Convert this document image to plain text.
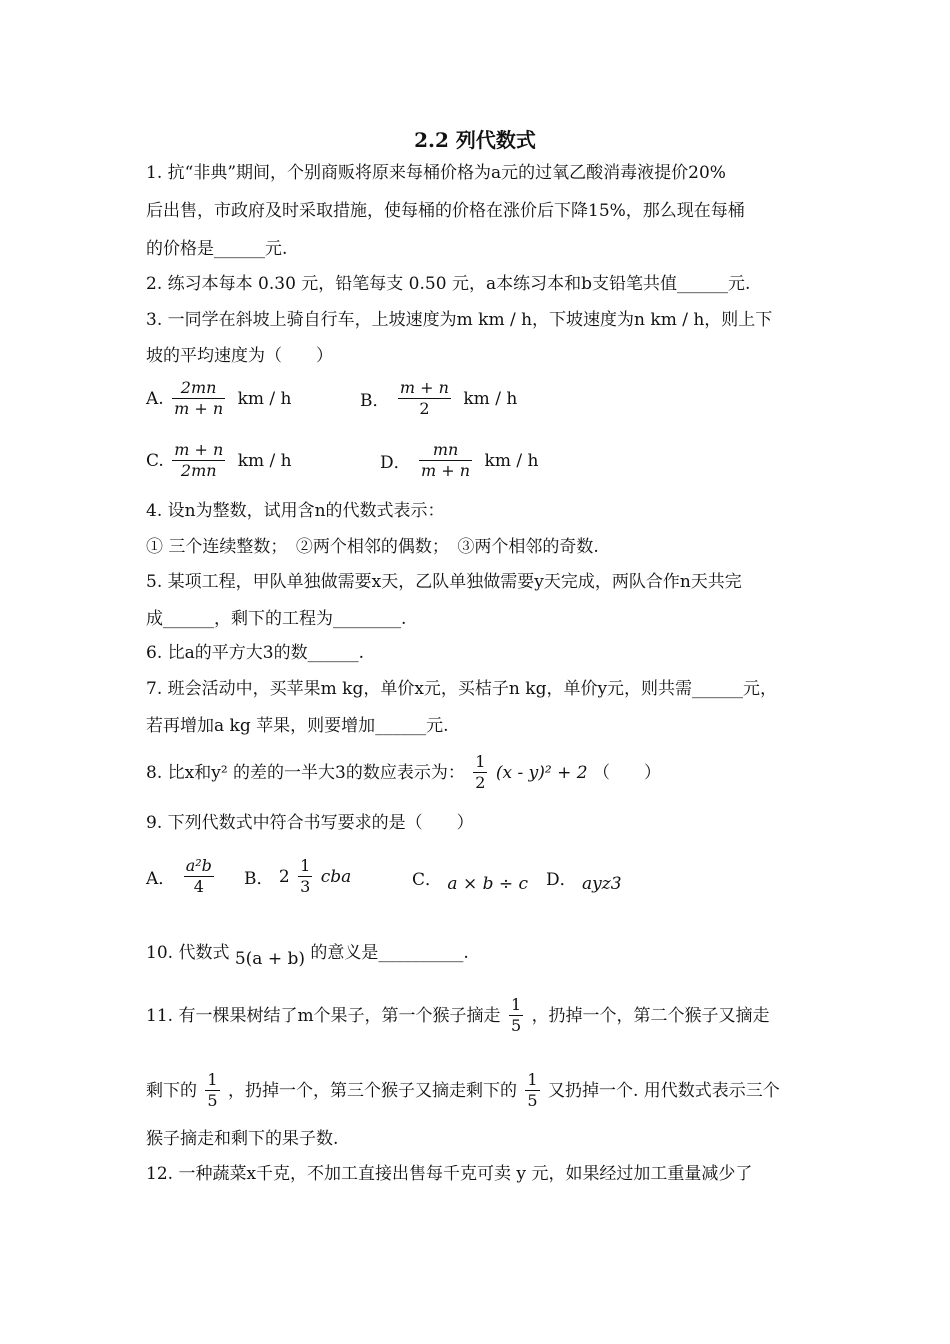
2.2 列代数式
1. 抗“非典”期间，个别商贩将原来每桶价格为a元的过氧乙酸消毒液提价20%
后出售，市政府及时采取措施，使每桶的价格在涨价后下降15%，那么现在每桶
的价格是______元.
2. 练习本每本 0.30 元，铅笔每支 0.50 元，a本练习本和b支铅笔共值______元.
3. 一同学在斜坡上骑自行车，上坡速度为m km / h，下坡速度为n km / h，则上下
坡的平均速度为（　　）
A. $\frac{2mn}{m + n}$ km / h	B． $\frac{m + n}{2}$ km / h
C. $\frac{m + n}{2mn}$ km / h	D． $\frac{mn}{m + n}$ km / h
4. 设n为整数，试用含n的代数式表示：
① 三个连续整数；　②两个相邻的偶数；　③两个相邻的奇数.
5. 某项工程，甲队单独做需要x天，乙队单独做需要y天完成，两队合作n天共完
成______，剩下的工程为________.
6. 比a的平方大3的数______.
7. 班会活动中，买苹果m kg，单价x元，买桔子n kg，单价y元，则共需______元，
若再增加a kg 苹果，则要增加______元.
8. 比x和y² 的差的一半大3的数应表示为： $\frac{1}{2} (x - y)^2 + 2$ （　　）
9. 下列代数式中符合书写要求的是（　　）
A． $\frac{\text{a²b}}{4}$ B． $2 \frac{1}{3}$ cba	C． a × b ÷ c D． ayz3
10. 代数式 5(a + b) 的意义是__________.
11. 有一棵果树结了m个果子，第一个猴子摘走 $\frac{1}{5}$ ，扔掉一个，第二个猴子又摘走
剩下的 $\frac{1}{5}$ ，扔掉一个，第三个猴子又摘走剩下的 $\frac{1}{5}$ 又扔掉一个. 用代数式表示三个
猴子摘走和剩下的果子数.
12. 一种蔬菜x千克，不加工直接出售每千克可卖 y 元，如果经过加工重量减少了
